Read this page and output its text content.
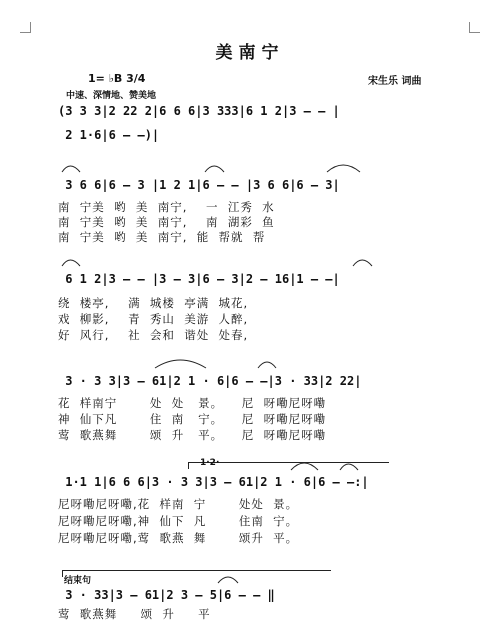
美南宁
1= ♭B 3/4
中速、深情地、赞美地
宋生乐 词曲
(3 3 3|2 22 2|6 6 6|3 333|6 1 2|3 — — |
2 1·6|6 — —)|
3 6 6|6 — 3 |1 2 1|6 — — |3 6 6|6 — 3|
南  宁美  哟  美  南宁,    一  江秀  水
南  宁美  哟  美  南宁,    南  湖彩  鱼
南  宁美  哟  美  南宁,  能  帮就  帮
6 1 2|3 — — |3 — 3|6 — 3|2 — 16|1 — —|
绕  楼亭,    满  城楼  亭满  城花,
戏  柳影,    青  秀山  美游  人醉,
好  风行,    社  会和  谐处  处春,
3 · 3 3|3 — 61|2 1 · 6|6 — —|3 · 33|2 22|
花  样南宁       处  处   景。    尼  呀嘞尼呀嘞
神  仙下凡       住  南   宁。    尼  呀嘞尼呀嘞
莺  歌燕舞       颂  升   平。    尼  呀嘞尼呀嘞
1·2·
1·1 1|6 6 6|3 · 3 3|3 — 61|2 1 · 6|6 — —:|
尼呀嘞尼呀嘞,花  样南  宁       处处  景。
尼呀嘞尼呀嘞,神  仙下  凡       住南  宁。
尼呀嘞尼呀嘞,莺  歌燕  舞       颂升  平。
结束句
3 · 33|3 — 61|2 3 — 5|6 — — ‖
莺  歌燕舞     颂  升     平
